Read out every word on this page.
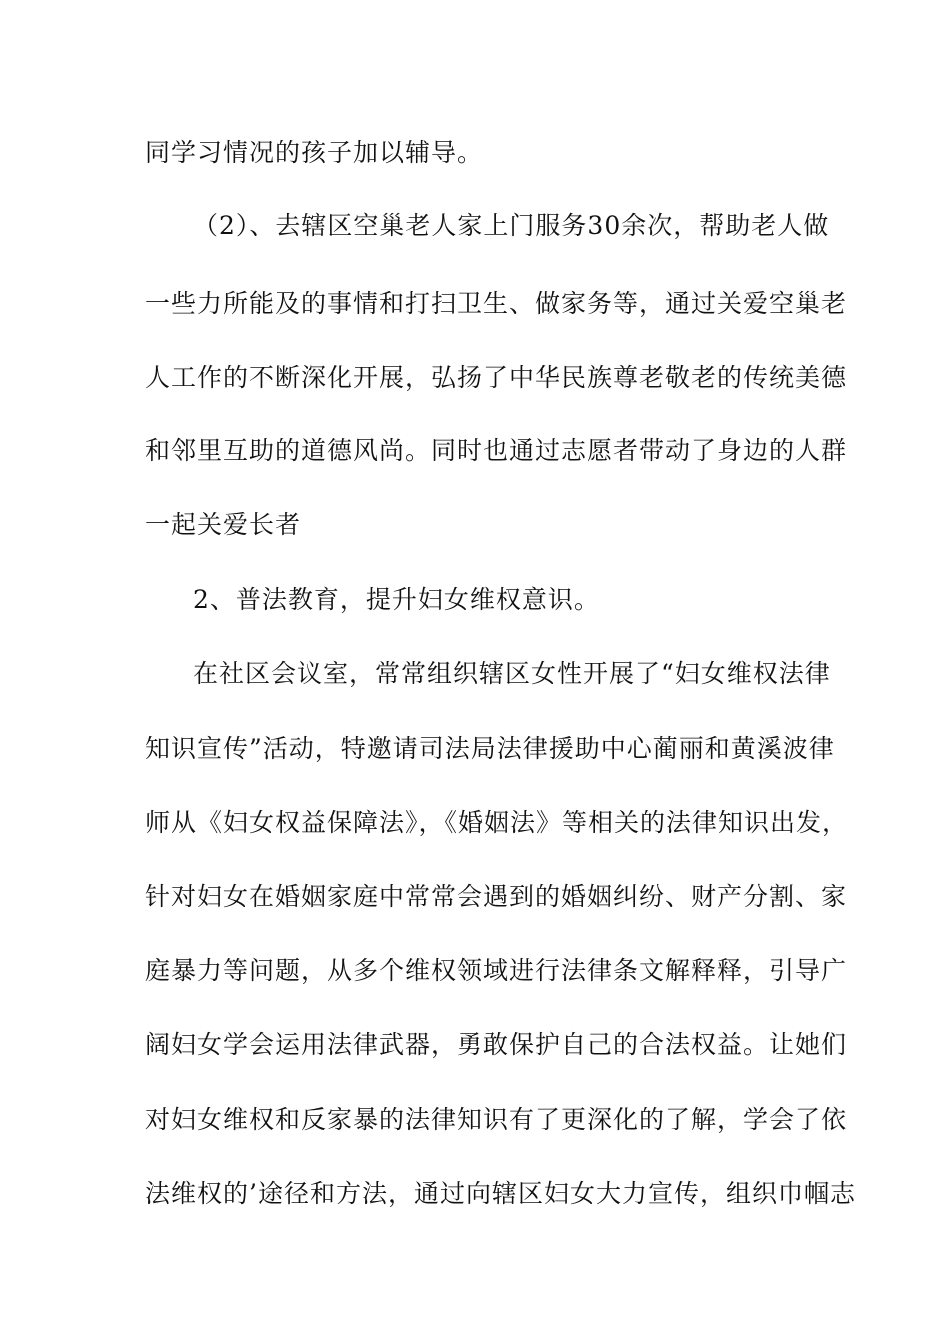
同学习情况的孩子加以辅导。
（2）、去辖区空巢老人家上门服务30余次，帮助老人做
一些力所能及的事情和打扫卫生、做家务等，通过关爱空巢老
人工作的不断深化开展，弘扬了中华民族尊老敬老的传统美德
和邻里互助的道德风尚。同时也通过志愿者带动了身边的人群
一起关爱长者
2、普法教育，提升妇女维权意识。
在社区会议室，常常组织辖区女性开展了“妇女维权法律
知识宣传”活动，特邀请司法局法律援助中心蔺丽和黄溪波律
师从《妇女权益保障法》，《婚姻法》等相关的法律知识出发，
针对妇女在婚姻家庭中常常会遇到的婚姻纠纷、财产分割、家
庭暴力等问题，从多个维权领域进行法律条文解释释，引导广
阔妇女学会运用法律武器，勇敢保护自己的合法权益。让她们
对妇女维权和反家暴的法律知识有了更深化的了解，学会了依
法维权的’途径和方法，通过向辖区妇女大力宣传，组织巾帼志
